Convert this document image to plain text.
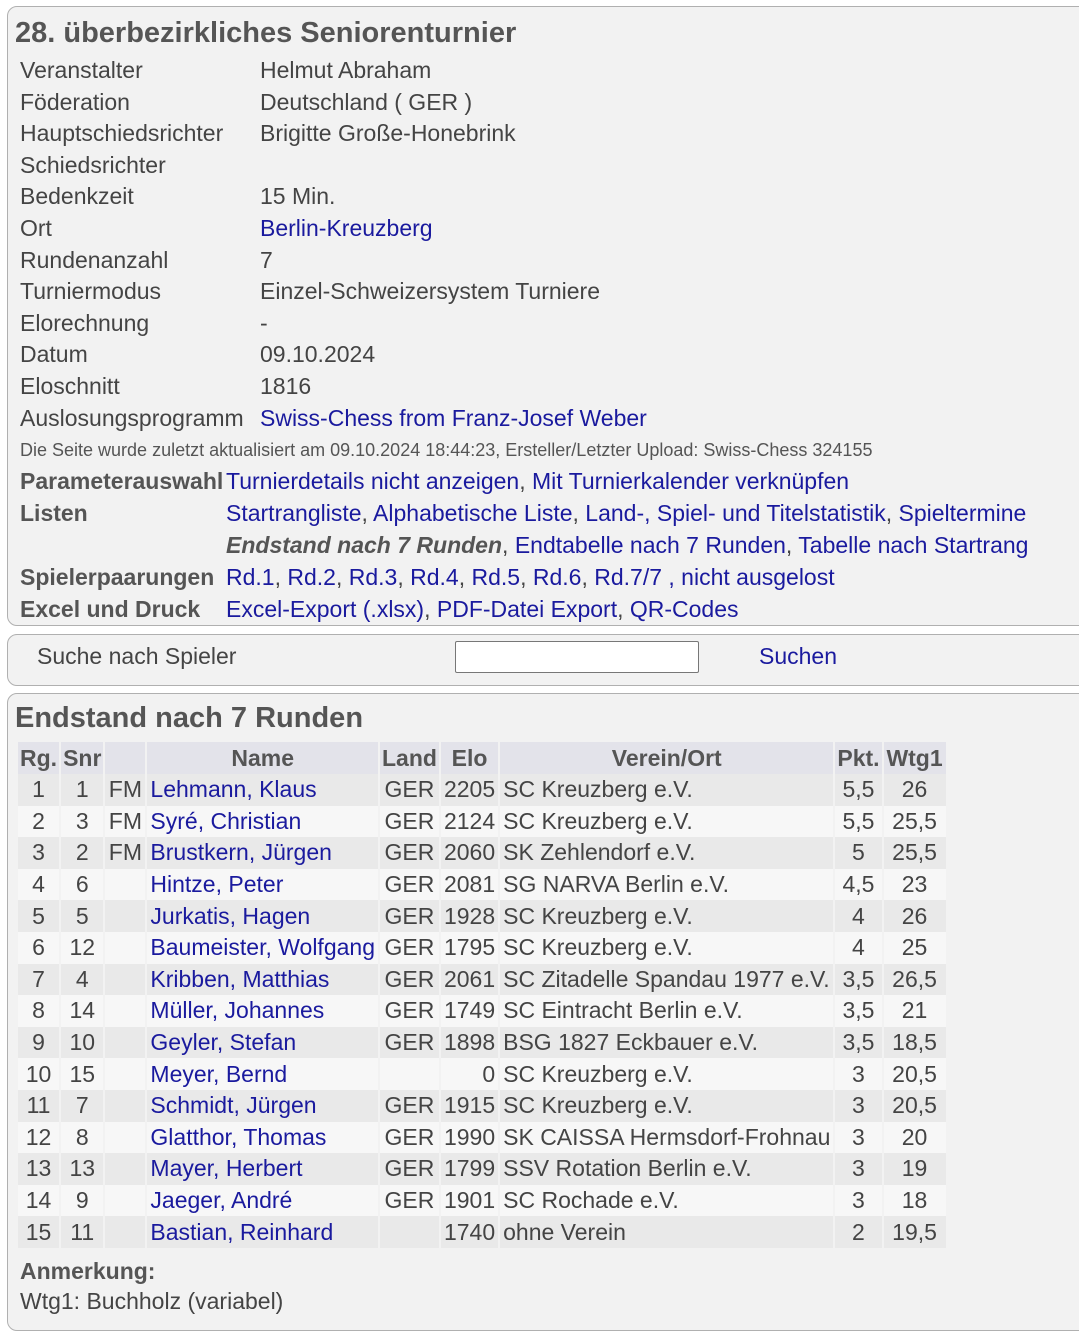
28. überbezirkliches Seniorenturnier
Veranstalter	Helmut Abraham
Föderation	Deutschland ( GER )
Hauptschiedsrichter	Brigitte Große-Honebrink
Schiedsrichter	
Bedenkzeit	15 Min.
Ort	Berlin-Kreuzberg
Rundenanzahl	7
Turniermodus	Einzel-Schweizersystem Turniere
Elorechnung	-
Datum	09.10.2024
Eloschnitt	1816
Auslosungsprogramm	Swiss-Chess from Franz-Josef Weber
Die Seite wurde zuletzt aktualisiert am 09.10.2024 18:44:23, Ersteller/Letzter Upload: Swiss-Chess 324155
Parameterauswahl	Turnierdetails nicht anzeigen, Mit Turnierkalender verknüpfen
Listen	Startrangliste, Alphabetische Liste, Land-, Spiel- und Titelstatistik, Spieltermine
	Endstand nach 7 Runden, Endtabelle nach 7 Runden, Tabelle nach Startrang
Spielerpaarungen	Rd.1, Rd.2, Rd.3, Rd.4, Rd.5, Rd.6, Rd.7/7 , nicht ausgelost
Excel und Druck	Excel-Export (.xlsx), PDF-Datei Export, QR-Codes
Suche nach Spieler	Suchen
Endstand nach 7 Runden
Rg.	Snr		Name	Land	Elo	Verein/Ort	Pkt.	Wtg1
1	1	FM	Lehmann, Klaus	GER	2205	SC Kreuzberg e.V.	5,5	26
2	3	FM	Syré, Christian	GER	2124	SC Kreuzberg e.V.	5,5	25,5
3	2	FM	Brustkern, Jürgen	GER	2060	SK Zehlendorf e.V.	5	25,5
4	6		Hintze, Peter	GER	2081	SG NARVA Berlin e.V.	4,5	23
5	5		Jurkatis, Hagen	GER	1928	SC Kreuzberg e.V.	4	26
6	12		Baumeister, Wolfgang	GER	1795	SC Kreuzberg e.V.	4	25
7	4		Kribben, Matthias	GER	2061	SC Zitadelle Spandau 1977 e.V.	3,5	26,5
8	14		Müller, Johannes	GER	1749	SC Eintracht Berlin e.V.	3,5	21
9	10		Geyler, Stefan	GER	1898	BSG 1827 Eckbauer e.V.	3,5	18,5
10	15		Meyer, Bernd		0	SC Kreuzberg e.V.	3	20,5
11	7		Schmidt, Jürgen	GER	1915	SC Kreuzberg e.V.	3	20,5
12	8		Glatthor, Thomas	GER	1990	SK CAISSA Hermsdorf-Frohnau	3	20
13	13		Mayer, Herbert	GER	1799	SSV Rotation Berlin e.V.	3	19
14	9		Jaeger, André	GER	1901	SC Rochade e.V.	3	18
15	11		Bastian, Reinhard		1740	ohne Verein	2	19,5
Anmerkung:
Wtg1: Buchholz (variabel)
